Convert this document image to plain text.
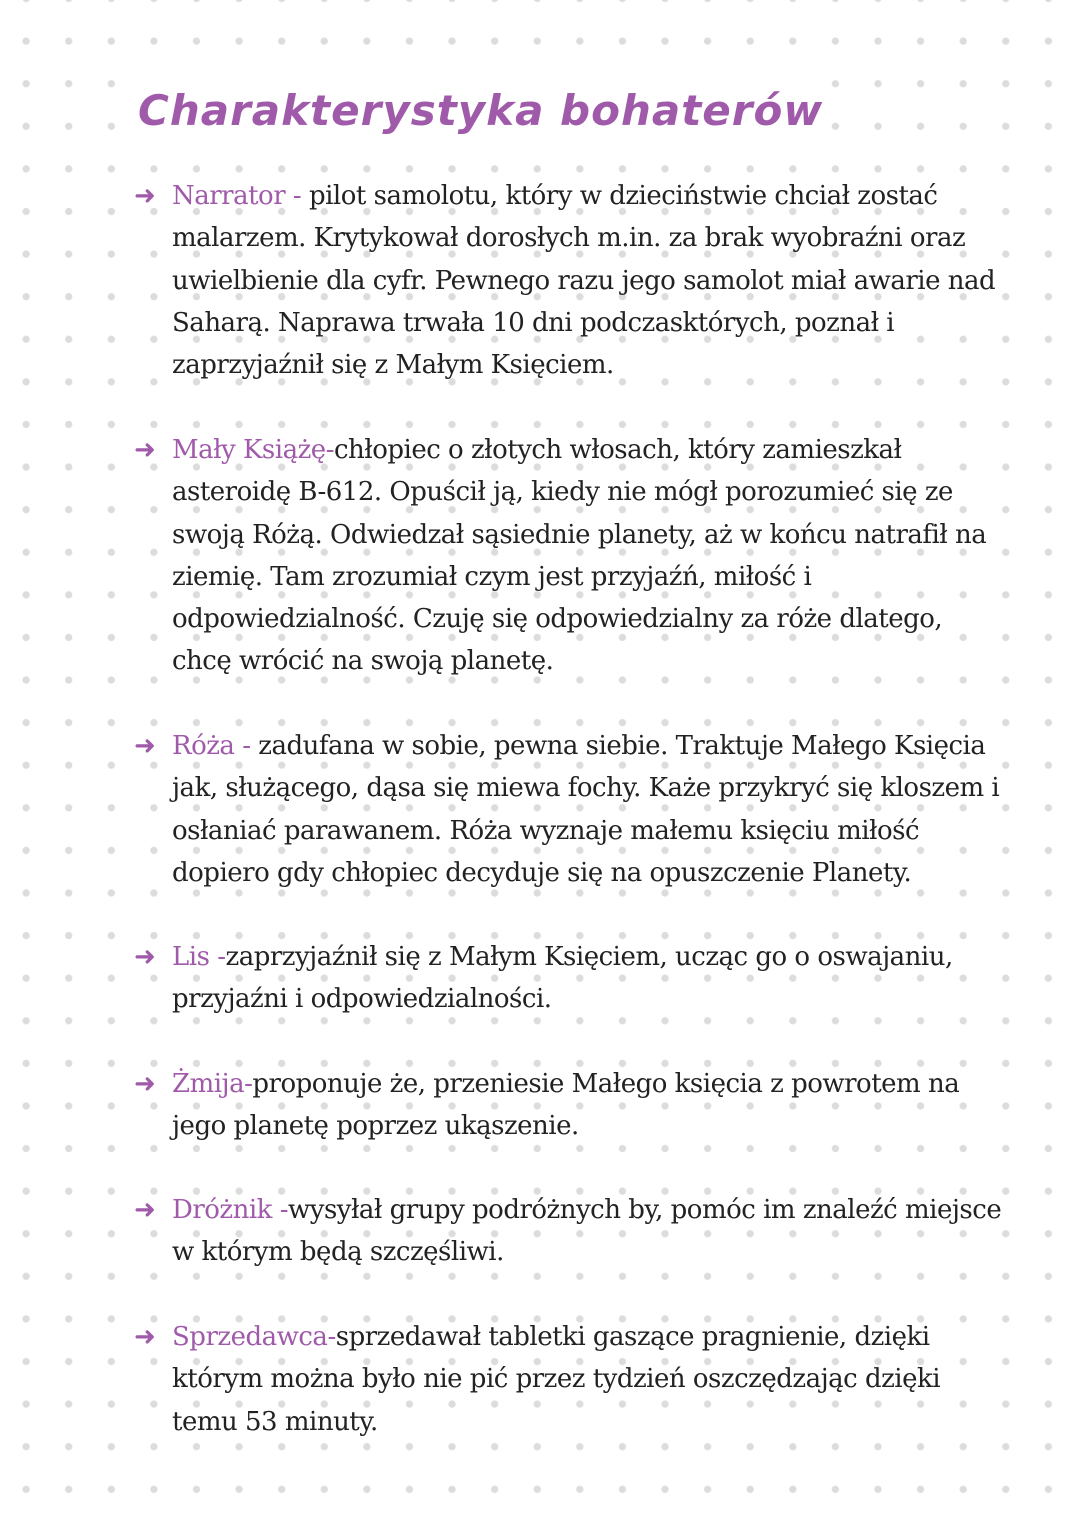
Charakterystyka bohaterów

➜ Narrator - pilot samolotu, który w dzieciństwie chciał zostać malarzem. Krytykował dorosłych m.in. za brak wyobraźni oraz uwielbienie dla cyfr. Pewnego razu jego samolot miał awarie nad Saharą. Naprawa trwała 10 dni podczasktórych, poznał i zaprzyjaźnił się z Małym Księciem.

➜ Mały Książę-chłopiec o złotych włosach, który zamieszkał asteroidę B-612. Opuścił ją, kiedy nie mógł porozumieć się ze swoją Różą. Odwiedzał sąsiednie planety, aż w końcu natrafił na ziemię. Tam zrozumiał czym jest przyjaźń, miłość i odpowiedzialność. Czuję się odpowiedzialny za róże dlatego, chcę wrócić na swoją planetę.

➜ Róża - zadufana w sobie, pewna siebie. Traktuje Małego Księcia jak, służącego, dąsa się miewa fochy. Każe przykryć się kloszem i osłaniać parawanem. Róża wyznaje małemu księciu miłość dopiero gdy chłopiec decyduje się na opuszczenie Planety.

➜ Lis -zaprzyjaźnił się z Małym Księciem, ucząc go o oswajaniu, przyjaźni i odpowiedzialności.

➜ Żmija-proponuje że, przeniesie Małego księcia z powrotem na jego planetę poprzez ukąszenie.

➜ Dróżnik -wysyłał grupy podróżnych by, pomóc im znaleźć miejsce w którym będą szczęśliwi.

➜ Sprzedawca-sprzedawał tabletki gaszące pragnienie, dzięki którym można było nie pić przez tydzień oszczędzając dzięki temu 53 minuty.
